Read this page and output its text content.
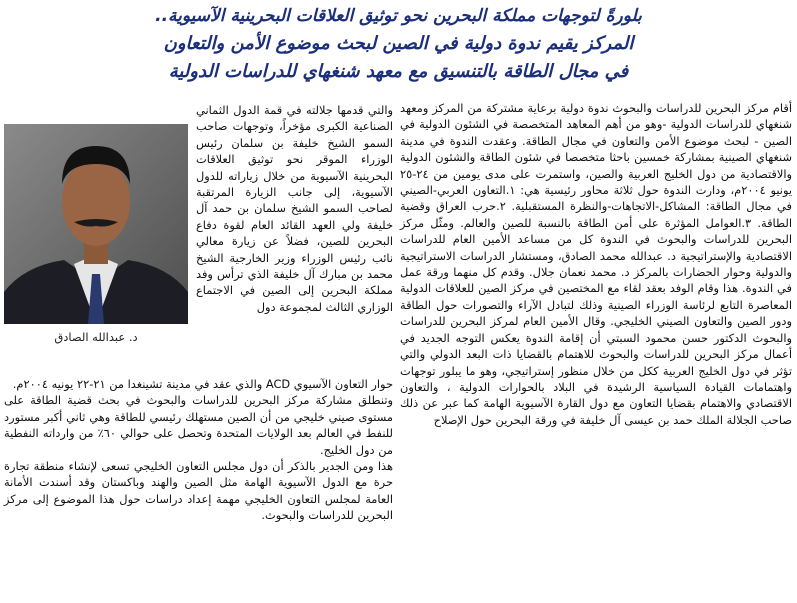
بلورةً لتوجهات مملكة البحرين نحو توثيق العلاقات البحرينية الآسيوية..
المركز يقيم ندوة دولية في الصين لبحث موضوع الأمن والتعاون
في مجال الطاقة بالتنسيق مع معهد شنغهاي للدراسات الدولية

أقام مركز البحرين للدراسات والبحوث ندوة دولية برعاية مشتركة من المركز ومعهد شنغهاي للدراسات الدولية -وهو من أهم المعاهد المتخصصة في الشئون الدولية في الصين - لبحث موضوع الأمن والتعاون في مجال الطاقة. وعقدت الندوة في مدينة شنغهاي الصينية بمشاركة خمسين باحثا متخصصا في شئون الطاقة والشئون الدولية والاقتصادية من دول الخليج العربية والصين، واستمرت على مدى يومين من ٢٤-٢٥ يونيو ٢٠٠٤م، ودارت الندوة حول ثلاثة محاور رئيسية هي: ١.التعاون العربي-الصيني في مجال الطاقة: المشاكل-الاتجاهات-والنظرة المستقبلية. ٢.حرب العراق وقضية الطاقة. ٣.العوامل المؤثرة على أمن الطاقة بالنسبة للصين والعالم. ومثّل مركز البحرين للدراسات والبحوث في الندوة كل من مساعد الأمين العام للدراسات الاقتصادية والإستراتيجية د. عبدالله محمد الصادق، ومستشار الدراسات الاستراتيجية والدولية وحوار الحضارات بالمركز د. محمد نعمان جلال. وقدم كل منهما ورقة عمل في الندوة. هذا وقام الوفد بعقد لقاء مع المختصين في مركز الصين للعلاقات الدولية المعاصرة التابع لرئاسة الوزراء الصينية وذلك لتبادل الآراء والتصورات حول الطاقة ودور الصين والتعاون الصيني الخليجي. وقال الأمين العام لمركز البحرين للدراسات والبحوث الدكتور حسن محمود السبتي أن إقامة الندوة يعكس التوجه الجديد في أعمال مركز البحرين للدراسات والبحوث للاهتمام بالقضايا ذات البعد الدولي والتي تؤثر في دول الخليج العربية ككل من خلال منظور إستراتيجي، وهو ما يبلور توجهات واهتمامات القيادة السياسية الرشيدة في البلاد بالحوارات الدولية ، والتعاون الاقتصادي والاهتمام بقضايا التعاون مع دول القارة الآسيوية الهامة كما عبر عن ذلك صاحب الجلالة الملك حمد بن عيسى آل خليفة في ورقة البحرين حول الإصلاح

والتي قدمها جلالته في قمة الدول الثماني الصناعية الكبرى مؤخراً، وتوجهات صاحب السمو الشيخ خليفة بن سلمان رئيس الوزراء الموقر نحو توثيق العلاقات البحرينية الآسيوية من خلال زياراته للدول الآسيوية، إلى جانب الزيارة المرتقبة لصاحب السمو الشيخ سلمان بن حمد آل خليفة ولي العهد القائد العام لقوة دفاع البحرين للصين، فضلاً عن زيارة معالي نائب رئيس الوزراء وزير الخارجية الشيخ محمد بن مبارك آل خليفة الذي ترأس وفد مملكة البحرين إلى الصين في الاجتماع الوزاري الثالث لمجموعة دول

د. عبدالله الصادق

حوار التعاون الآسيوي ACD والذي عقد في مدينة تشينغدا من ٢١-٢٢ يونيه ٢٠٠٤م.

وتنطلق مشاركة مركز البحرين للدراسات والبحوث في بحث قضية الطاقة على مستوى صيني خليجي من أن الصين مستهلك رئيسي للطاقة وهي ثاني أكبر مستورد للنفط في العالم بعد الولايات المتحدة وتحصل على حوالي ٦٠٪ من وارداته النفطية من دول الخليج.

هذا ومن الجدير بالذكر أن دول مجلس التعاون الخليجي تسعى لإنشاء منطقة تجارة حرة مع الدول الآسيوية الهامة مثل الصين والهند وباكستان وقد أسندت الأمانة العامة لمجلس التعاون الخليجي مهمة إعداد دراسات حول هذا الموضوع إلى مركز البحرين للدراسات والبحوث.
